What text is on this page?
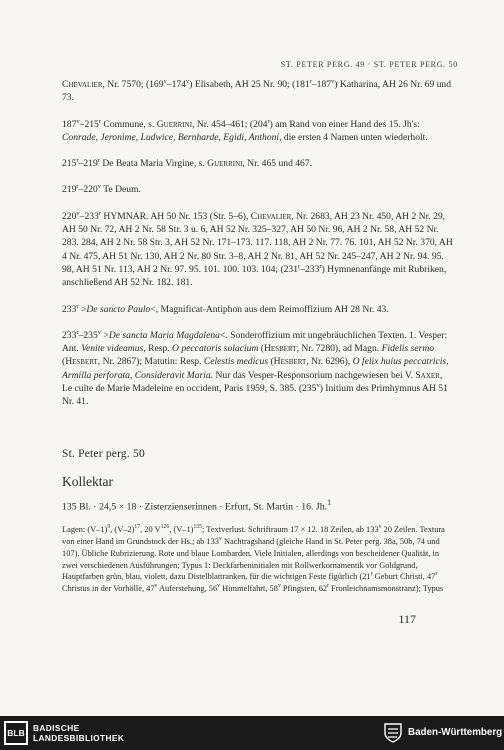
ST. PETER PERG. 49 · ST. PETER PERG. 50

Chevalier, Nr. 7570; (169$^v$–174$^v$) Elisabeth, AH 25 Nr. 90; (181$^r$–187$^v$) Katharina, AH 26 Nr. 69 und 73.

187$^v$–215$^r$ Commune, s. Guerrini, Nr. 454–461; (204$^r$) am Rand von einer Hand des 15. Jh's: Conrade, Jeronime, Ludwice, Bernharde, Egidi, Anthoni, die ersten 4 Namen unten wiederholt.

215$^r$–219$^r$ De Beata Maria Virgine, s. Guerrini, Nr. 465 und 467.

219$^r$–220$^v$ Te Deum.

220$^v$–233$^r$ HYMNAR. AH 50 Nr. 153 (Str. 5–6), Chevalier, Nr. 2683, AH 23 Nr. 450, AH 2 Nr. 29, AH 50 Nr. 72, AH 2 Nr. 58 Str. 3 u. 6, AH 52 Nr. 325–327, AH 50 Nr. 96, AH 2 Nr. 58, AH 52 Nr. 283. 284, AH 2 Nr. 58 Str. 3, AH 52 Nr. 171–173. 117. 118, AH 2 Nr. 77. 76. 101, AH 52 Nr. 370, AH 4 Nr. 475, AH 51 Nr. 130, AH 2 Nr. 80 Str. 3–8, AH 2 Nr. 81, AH 52 Nr. 245–247, AH 2 Nr. 94. 95. 98, AH 51 Nr. 113, AH 2 Nr. 97. 95. 101. 100. 103. 104; (231$^r$–233$^r$) Hymnenanfänge mit Rubriken, anschließend AH 52 Nr. 182. 181.

$233^r >De$ sancto Paulo<, Magnificat-Antiphon aus dem Reimoffizium AH 28 Nr. 43.

$233^r-235^v >De$ sancta Maria Magdalena<. Sonderoffizium mit ungebräuchlichen Texten. 1. Vesper: Ant. Venite videamus, Resp. O peccatoris solacium (Hesbert, Nr. 7280), ad Magn. Fidelis sermo (Hesbert, Nr. 2867); Matutin: Resp. Celestis medicus (Hesbert, Nr. 6296), O felix huius peccatricis, Armilla perforata, Consideravit Maria. Nur das Vesper-Responsorium nachgewiesen bei V. Saxer, Le culte de Marie Madeleine en occident, Paris 1959, S. 385. (235$^v$) Initium des Primhymnus AH 51 Nr. 41.

St. Peter perg. 50
Kollektar
135 Bl. · 24,5 × 18 · Zisterzienserinnen · Erfurt, St. Martin · 16. Jh.$^1$

Lagen: $(V-1)^9$, $(V-2)^{17}$, 20 $V^{126}$, $(V-1)^{135}$; Textverlust. Schriftraum 17 × 12. 18 Zeilen, ab 133$^v$ 20 Zeilen. Textura von einer Hand im Grundstock der Hs.; ab 133$^v$ Nachtragshand (gleiche Hand in St. Peter perg. 38a, 50b, 74 und 107). Übliche Rubrizierung. Rote und blaue Lombarden. Viele Initialen, allerdings von bescheidener Qualität, in zwei verschiedenen Ausführungen; Typus 1: Deckfarbeninitialen mit Rollwerkornamentik vor Goldgrund, Hauptfarben grün, blau, violett, dazu Distelblattranken, für die wichtigen Feste figürlich (21$^r$ Geburt Christi, 47$^r$ Christus in der Vorhölle, 47$^v$ Auferstehung, 56$^v$ Himmelfahrt, 58$^v$ Pfingsten, 62$^r$ Fronleichnamsmonstranz); Typus

117
BLB BADISCHE
LANDESBIBLIOTHEK	Baden-Württemberg
